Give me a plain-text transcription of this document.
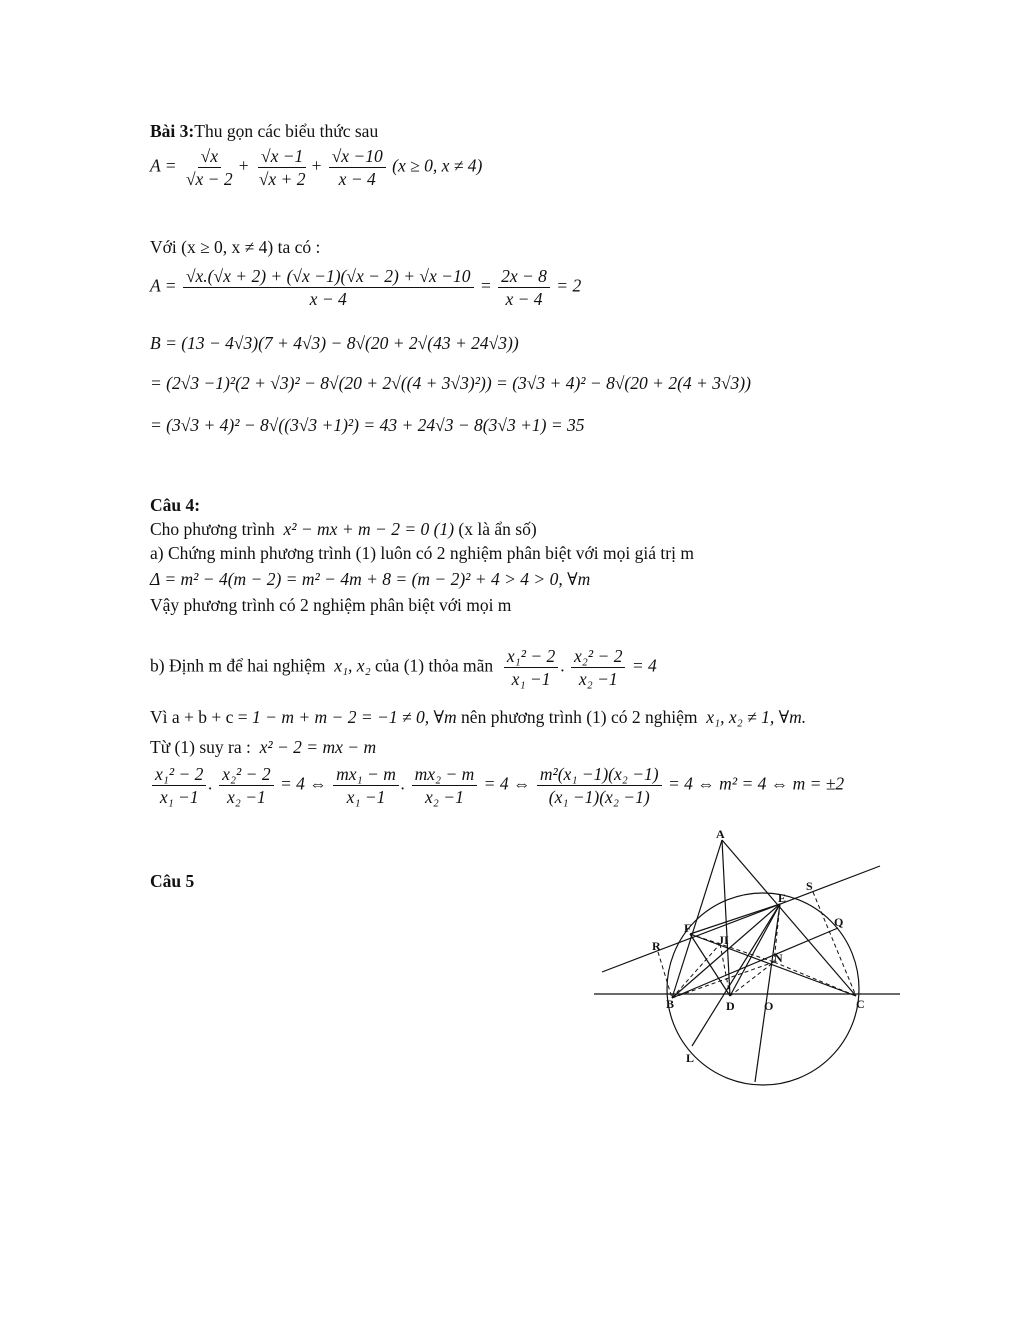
Bài 3:Thu gọn các biểu thức sau
$A = \frac{√x}{√x - 2} + \frac{√x -1}{√x + 2} + \frac{√x -10}{x - 4} (x \ge 0$, x ≠ 4)
Với (x ≥ 0, x ≠ 4) ta có :
$A = \frac{√x.(√x + 2) + (√x -1)(√x - 2) + √x -10}{x - 4} = \frac{2x - 8}{x - 4} = 2$
B = (13 − 4√3)(7 + 4√3) − 8√(20 + 2√(43 + 24√3))
= (2√3 −1)²(2 + √3)² − 8√(20 + 2√((4 + 3√3)²)) = (3√3 + 4)² − 8√(20 + 2(4 + 3√3))
= (3√3 + 4)² − 8√((3√3 +1)²) = 43 + 24√3 − 8(3√3 +1) = 35
Câu 4:
Cho phương trình x² − mx + m − 2 = 0 (1) (x là ẩn số)
a) Chứng minh phương trình (1) luôn có 2 nghiệm phân biệt với mọi giá trị m
Δ = m² − 4(m − 2) = m² − 4m + 8 = (m − 2)² + 4 > 4 > 0, ∀m
Vậy phương trình có 2 nghiệm phân biệt với mọi m
b) Định m để hai nghiệm x₁, x₂ của (1) thỏa mãn $\frac{\text{x₁² − 2}}{\text{x₁ −1}}$ . $\frac{\text{x₂² − 2}}{\text{x₂ −1}} = 4$
Vì a + b + c = 1 − m + m − 2 = −1 ≠ 0, ∀m nên phương trình (1) có 2 nghiệm x₁, x₂ ≠ 1, ∀m.
Từ (1) suy ra : x² − 2 = mx − m
$\frac{\text{x₁² − 2}}{\text{x₁ −1}}$ . $\frac{\text{x₂² − 2}}{\text{x₂ −1}} = 4$ ⇔ $\frac{\text{mx₁ − m}}{\text{x₁ −1}}$ . $\frac{\text{mx₂ − m}}{\text{x₂ −1}} = 4$ ⇔ $\frac{\text{m²(x₁ −1)(x₂ −1)}}{\text{(x₁ −1)(x₂ −1)}} = 4$ ⇔ m² = 4 ⇔ m = ±2
Câu 5
A
E
S
F
JI
Q
R
N
B	D O	C
L
